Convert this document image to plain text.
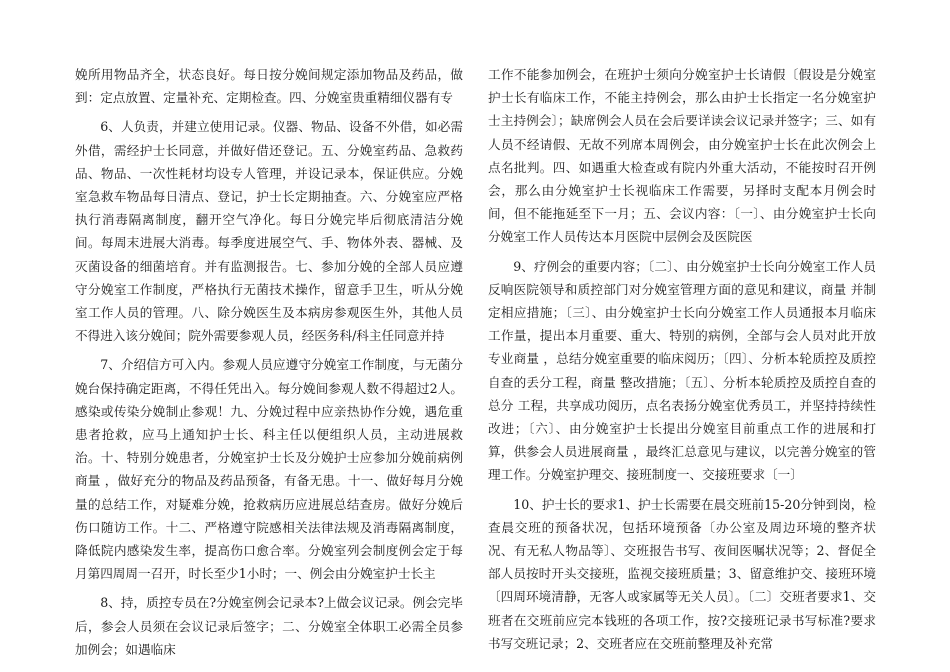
娩所用物品齐全，状态良好。每日按分娩间规定添加物品及药品，做到：定点放置、定量补充、定期检查。四、分娩室贵重精细仪器有专

6、人负责，并建立使用记录。仪器、物品、设备不外借，如必需外借，需经护士长同意，并做好借还登记。五、分娩室药品、急救药品、物品、一次性耗材均设专人管理，并设记录本，保证供应。分娩室急救车物品每日清点、登记，护士长定期抽查。六、分娩室应严格执行消毒隔离制度，翻开空气净化。每日分娩完毕后彻底清洁分娩间。每周末进展大消毒。每季度进展空气、手、物体外表、器械、及灭菌设备的细菌培育。并有监测报告。七、参加分娩的全部人员应遵守分娩室工作制度，严格执行无菌技术操作，留意手卫生，听从分娩室工作人员的管理。八、除分娩医生及本病房参观医生外，其他人员不得进入该分娩间；院外需要参观人员，经医务科/科主任同意并持

7、介绍信方可入内。参观人员应遵守分娩室工作制度，与无菌分娩台保持确定距离，不得任凭出入。每分娩间参观人数不得超过2人。感染或传染分娩制止参观！九、分娩过程中应亲热协作分娩，遇危重患者抢救，应马上通知护士长、科主任以便组织人员，主动进展救治。十、特别分娩患者，分娩室护士长及分娩护士应参加分娩前病例商量 ，做好充分的物品及药品预备，有备无患。十一、做好每月分娩量的总结工作，对疑难分娩，抢救病历应进展总结查房。做好分娩后伤口随访工作。十二、严格遵守院感相关法律法规及消毒隔离制度，降低院内感染发生率，提高伤口愈合率。分娩室列会制度例会定于每月第四周周一召开，时长至少1小时；一、例会由分娩室护士长主

8、持，质控专员在?分娩室例会记录本?上做会议记录。例会完毕后，参会人员须在会议记录后签字；二、分娩室全体职工必需全员参加例会；如遇临床

工作不能参加例会，在班护士须向分娩室护士长请假〔假设是分娩室护士长有临床工作，不能主持例会，那么由护士长指定一名分娩室护士主持例会〕；缺席例会人员在会后要详读会议记录并签字；三、如有人员不经请假、无故不列席本周例会，由分娩室护士长在此次例会上点名批判。四、如遇重大检查或有院内外重大活动，不能按时召开例会，那么由分娩室护士长视临床工作需要，另择时支配本月例会时间，但不能拖延至下一月；五、会议内容：〔一〕、由分娩室护士长向分娩室工作人员传达本月医院中层例会及医院医

9、疗例会的重要内容；〔二〕、由分娩室护士长向分娩室工作人员反响医院领导和质控部门对分娩室管理方面的意见和建议，商量 并制定相应措施；〔三〕、由分娩室护士长向分娩室工作人员通报本月临床工作量，提出本月重要、重大、特别的病例，全部与会人员对此开放专业商量 ，总结分娩室重要的临床阅历；〔四〕、分析本轮质控及质控自查的丢分工程，商量 整改措施；〔五〕、分析本轮质控及质控自查的总分 工程，共享成功阅历，点名表扬分娩室优秀员工，并坚持持续性改进；〔六〕、由分娩室护士长提出分娩室目前重点工作的进展和打算，供参会人员进展商量 ，最终汇总意见与建议，以完善分娩室的管理工作。分娩室护理交、接班制度一、交接班要求〔一〕

10、护士长的要求1、护士长需要在晨交班前15-20分钟到岗，检查晨交班的预备状况，包括环境预备〔办公室及周边环境的整齐状况、有无私人物品等〕、交班报告书写、夜间医嘱状况等；2、督促全部人员按时开头交接班，监视交接班质量；3、留意维护交、接班环境〔四周环境清静，无客人或家属等无关人员〕。〔二〕交班者要求1、交班者在交班前应完本钱班的各项工作，按?交接班记录书写标准?要求书写交班记录；2、交班者应在交班前整理及补充常
